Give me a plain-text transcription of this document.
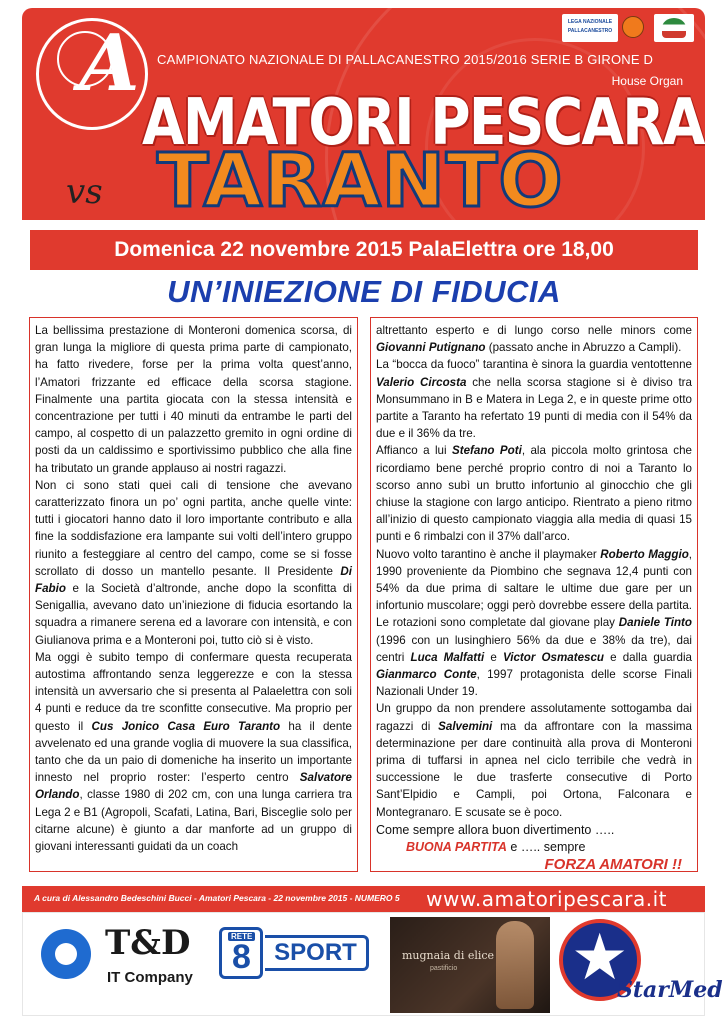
A	LEGA NAZIONALE PALLACANESTRO
CAMPIONATO NAZIONALE DI PALLACANESTRO 2015/2016 SERIE B GIRONE D
House Organ
AMATORI PESCARA
vs TARANTO
Domenica 22 novembre 2015 PalaElettra ore 18,00
UN’INIEZIONE DI FIDUCIA

La bellissima prestazione di Monteroni domenica scorsa, di gran lunga la migliore di questa prima parte di campionato, ha fatto rivedere, forse per la prima volta quest’anno, l’Amatori frizzante ed efficace della scorsa stagione. Finalmente una partita giocata con la stessa intensità e concentrazione per tutti i 40 minuti da entrambe le parti del campo, al cospetto di un palazzetto gremito in ogni ordine di posti da un caldissimo e sportivissimo pubblico che alla fine ha tributato un grande applauso ai nostri ragazzi.
Non ci sono stati quei cali di tensione che avevano caratterizzato finora un po’ ogni partita, anche quelle vinte: tutti i giocatori hanno dato il loro importante contributo e alla fine la soddisfazione era lampante sui volti dell’intero gruppo riunito a festeggiare al centro del campo, come se si fosse scrollato di dosso un mantello pesante. Il Presidente Di Fabio e la Società d’altronde, anche dopo la sconfitta di Senigallia, avevano dato un’iniezione di fiducia esortando la squadra a rimanere serena ed a lavorare con intensità, e con Giulianova prima e a Monteroni poi, tutto ciò si è visto.
Ma oggi è subito tempo di confermare questa recuperata autostima affrontando senza leggerezze e con la stessa intensità un avversario che si presenta al Palaelettra con soli 4 punti e reduce da tre sconfitte consecutive. Ma proprio per questo il Cus Jonico Casa Euro Taranto ha il dente avvelenato ed una grande voglia di muovere la sua classifica, tanto che da un paio di domeniche ha inserito un importante innesto nel proprio roster: l’esperto centro Salvatore Orlando, classe 1980 di 202 cm, con una lunga carriera tra Lega 2 e B1 (Agropoli, Scafati, Latina, Bari, Bisceglie solo per citarne alcune) è giunto a dar manforte ad un gruppo di giovani interessanti guidati da un coach

altrettanto esperto e di lungo corso nelle minors come Giovanni Putignano (passato anche in Abruzzo a Campli).
La “bocca da fuoco” tarantina è sinora la guardia ventottenne Valerio Circosta che nella scorsa stagione si è diviso tra Monsummano in B e Matera in Lega 2, e in queste prime otto partite a Taranto ha refertato 19 punti di media con il 54% da due e il 36% da tre.
Affianco a lui Stefano Poti, ala piccola molto grintosa che ricordiamo bene perché proprio contro di noi a Taranto lo scorso anno subì un brutto infortunio al ginocchio che gli chiuse la stagione con largo anticipo. Rientrato a pieno ritmo all’inizio di questo campionato viaggia alla media di quasi 15 punti e 6 rimbalzi con il 37% dall’arco.
Nuovo volto tarantino è anche il playmaker Roberto Maggio, 1990 proveniente da Piombino che segnava 12,4 punti con 54% da due prima di saltare le ultime due gare per un infortunio muscolare; oggi però dovrebbe essere della partita. Le rotazioni sono completate dal giovane play Daniele Tinto (1996 con un lusinghiero 56% da due e 38% da tre), dai centri Luca Malfatti e Victor Osmatescu e dalla guardia Gianmarco Conte, 1997 protagonista delle scorse Finali Nazionali Under 19.
Un gruppo da non prendere assolutamente sottogamba dai ragazzi di Salvemini ma da affrontare con la massima determinazione per dare continuità alla prova di Monteroni prima di tuffarsi in apnea nel ciclo terribile che vedrà in successione le due trasferte consecutive di Porto Sant’Elpidio e Campli, poi Ortona, Falconara e Montegranaro. E scusate se è poco.

Come sempre allora buon divertimento …..

BUONA PARTITA e ….. sempre

FORZA AMATORI !!

A cura di Alessandro Bedeschini Bucci - Amatori Pescara - 22 novembre 2015 - NUMERO 5 www.amatoripescara.it
T&D
IT Company
RETE
8 SPORT	mugnaia di elice
pastificio ★
StarMed
